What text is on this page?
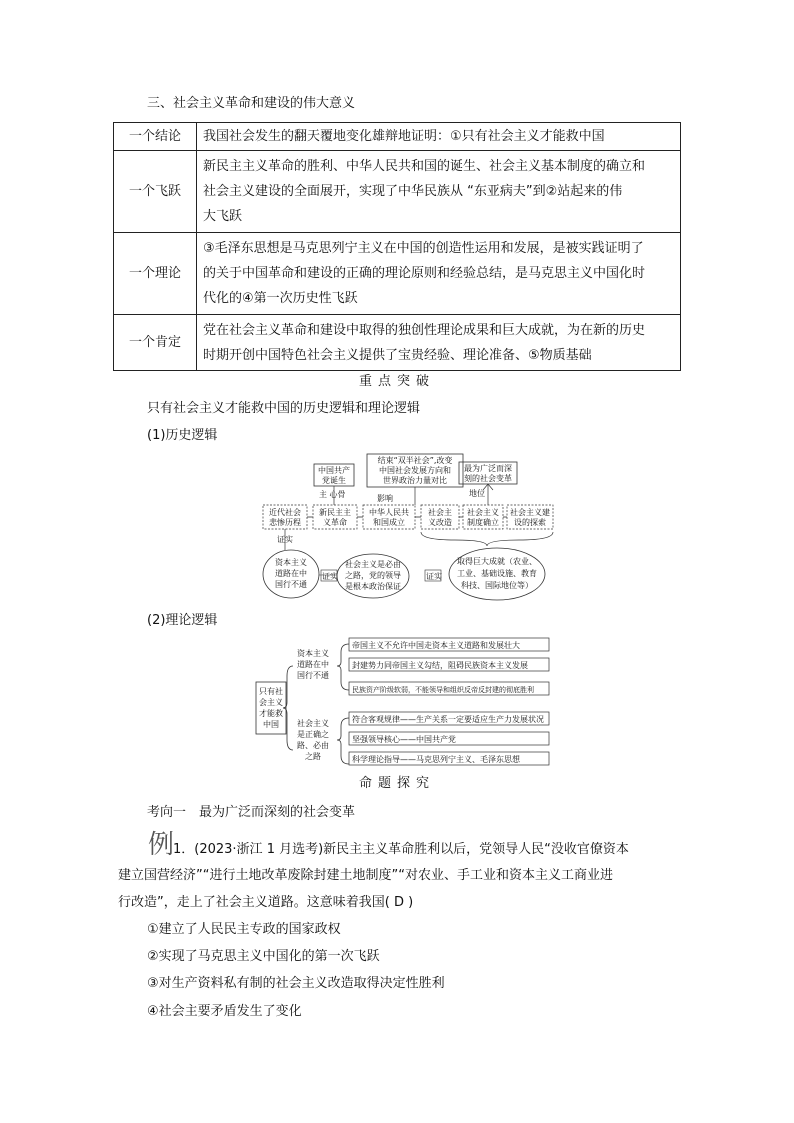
三、社会主义革命和建设的伟大意义
一个结论	我国社会发生的翻天覆地变化雄辩地证明：①只有社会主义才能救中国

一个飞跃	新民主主义革命的胜利、中华人民共和国的诞生、社会主义基本制度的确立和
社会主义建设的全面展开，实现了中华民族从 “东亚病夫”到②站起来的伟
大飞跃

一个理论	③毛泽东思想是马克思列宁主义在中国的创造性运用和发展，是被实践证明了
的关于中国革命和建设的正确的理论原则和经验总结，是马克思主义中国化时
代化的④第一次历史性飞跃

一个肯定	党在社会主义革命和建设中取得的独创性理论成果和巨大成就，为在新的历史
时期开创中国特色社会主义提供了宝贵经验、理论准备、⑤物质基础
重点突破
只有社会主义才能救中国的历史逻辑和理论逻辑
(1)历史逻辑
中国共产
党诞生
结束“双半社会”,改变
中国社会发展方向和
世界政治力量对比
最为广泛而深
刻的社会变革
主 心骨	影响
地位
近代社会
悲惨历程
新民主主
义革命
中华人民共
和国成立
社会主
义改造
社会主义
制度确立
社会主义建
设的探索
证实
资本主义
道路在中
国行不通
社会主义是必由
之路，党的领导
是根本政治保证
取得巨大成就（农业、
工业、基础设施、教育
科技、国际地位等）
证实	证实
(2)理论逻辑
只有社
会主义
才能救
中国
资本主义
道路在中
国行不通
社会主义
是正确之
路、必由
之路
帝国主义不允许中国走资本主义道路和发展壮大
封建势力同帝国主义勾结，阻碍民族资本主义发展
民族资产阶级软弱，不能领导和组织反帝反封建的彻底胜利
符合客观规律——生产关系一定要适应生产力发展状况
坚强领导核心——中国共产党
科学理论指导——马克思列宁主义、毛泽东思想
命题探究
考向一　最为广泛而深刻的社会变革
例
1．(2023·浙江 1 月选考)新民主主义革命胜利以后，党领导人民“没收官僚资本
建立国营经济”“进行土地改革废除封建土地制度”“对农业、手工业和资本主义工商业进
行改造”，走上了社会主义道路。这意味着我国( D )
①建立了人民民主专政的国家政权
②实现了马克思主义中国化的第一次飞跃
③对生产资料私有制的社会主义改造取得决定性胜利
④社会主要矛盾发生了变化
